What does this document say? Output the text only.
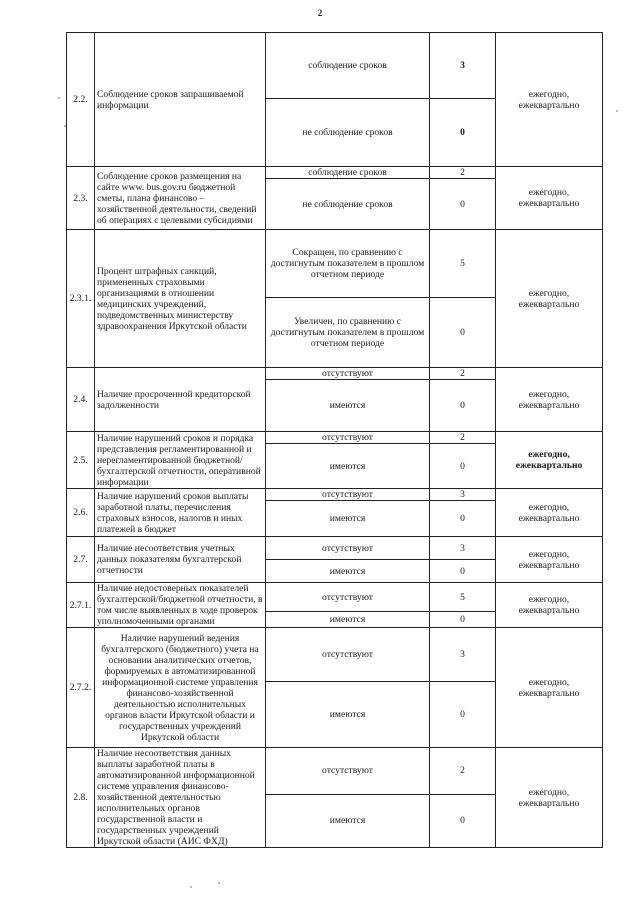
2
2.2.	Соблюдение сроков запрашиваемой информации	соблюдение сроков	3	ежегодно, ежеквартально
		не соблюдение сроков	0	
2.3.	Соблюдение сроков размещения на сайте www. bus.gov.ru бюджетной сметы, плана финансово – хозяйственной деятельности, сведений об операциях с целевыми субсидиями	соблюдение сроков	2	ежегодно, ежеквартально
		не соблюдение сроков	0	
2.3.1.	Процент штрафных санкций, примененных страховыми организациями в отношении медицинских учреждений, подведомственных министерству здравоохранения Иркутской области	Сокращен, по сравнению с достигнутым показателем в прошлом отчетном периоде	5	ежегодно, ежеквартально
		Увеличен, по сравнению с достигнутым показателем в прошлом отчетном периоде	0	
2.4.	Наличие просроченной кредиторской задолженности	отсутствуют	2	ежегодно, ежеквартально
		имеются	0	
2.5.	Наличие нарушений сроков и порядка представления регламентированной и нерегламентированной бюджетной/бухгалтерской отчетности, оперативной информации	отсутствуют	2	ежегодно, ежеквартально
		имеются	0	
2.6.	Наличие нарушений сроков выплаты заработной платы, перечисления страховых взносов, налогов и иных платежей в бюджет	отсутствуют	3	ежегодно, ежеквартально
		имеются	0	
2.7.	Наличие несоответствия учетных данных показателям бухгалтерской отчетности	отсутствуют	3	ежегодно, ежеквартально
		имеются	0	
2.7.1.	Наличие недостоверных показателей бухгалтерской/бюджетной отчетности, в том числе выявленных в ходе проверок уполномоченными органами	отсутствуют	5	ежегодно, ежеквартально
		имеются	0	
2.7.2.	Наличие нарушений ведения бухгалтерского (бюджетного) учета на основании аналитических отчетов, формируемых в автоматизированной информационной системе управления финансово-хозяйственной деятельностью исполнительных органов власти Иркутской области и государственных учреждений Иркутской области	отсутствуют	3	ежегодно, ежеквартально
		имеются	0	
2.8.	Наличие несоответствия данных выплаты заработной платы в автоматизированной информационной системе управления финансово-хозяйственной деятельностью исполнительных органов государственной власти и государственных учреждений Иркутской области (АИС ФХД)	отсутствуют	2	ежегодно, ежеквартально
		имеются	0	
